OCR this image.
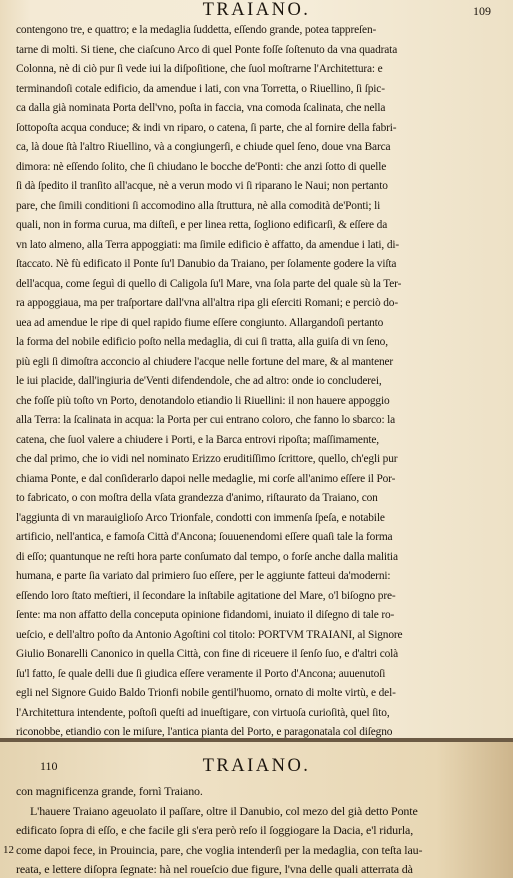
TRAIANO.	109
contengono tre, e quattro; e la medaglia ſuddetta, eſſendo grande, potea tappreſen-
tarne di molti. Si tiene, che ciaſcuno Arco di quel Ponte foſſe ſoſtenuto da vna quadrata
Colonna, nè di ciò pur ſi vede iui la diſpoſitione, che ſuol moſtrarne l'Architettura: e
terminandoſi cotale edificio, da amendue i lati, con vna Torretta, o Riuellino, ſi ſpic-
ca dalla già nominata Porta dell'vno, poſta in faccia, vna comoda ſcalinata, che nella
ſottopoſta acqua conduce; & indi vn riparo, o catena, ſi parte, che al fornire della fabri-
ca, là doue ſtà l'altro Riuellino, và a congiungerſi, e chiude quel ſeno, doue vna Barca
dimora: nè eſſendo ſolito, che ſi chiudano le bocche de'Ponti: che anzi ſotto di quelle
ſi dà ſpedito il tranſito all'acque, nè a verun modo vi ſi riparano le Naui; non pertanto
pare, che ſimili conditioni ſi accomodino alla ſtruttura, nè alla comodità de'Ponti; li
quali, non in forma curua, ma diſteſi, e per linea retta, ſogliono edificarſi, & eſſere da
vn lato almeno, alla Terra appoggiati: ma ſimile edificio è affatto, da amendue i lati, di-
ſtaccato. Nè fù edificato il Ponte ſu'l Danubio da Traiano, per ſolamente godere la viſta
dell'acqua, come ſeguì di quello di Caligola ſu'l Mare, vna ſola parte del quale sù la Ter-
ra appoggiaua, ma per traſportare dall'vna all'altra ripa gli eſerciti Romani; e perciò do-
uea ad amendue le ripe di quel rapido fiume eſſere congiunto. Allargandoſi pertanto
la forma del nobile edificio poſto nella medaglia, di cui ſi tratta, alla guiſa di vn ſeno,
più egli ſi dimoſtra acconcio al chiudere l'acque nelle fortune del mare, & al mantener
le iui placide, dall'ingiuria de'Venti difendendole, che ad altro: onde io concluderei,
che foſſe più toſto vn Porto, denotandolo etiandio li Riuellini: il non hauere appoggio
alla Terra: la ſcalinata in acqua: la Porta per cui entrano coloro, che fanno lo sbarco: la
catena, che ſuol valere a chiudere i Porti, e la Barca entrovi ripoſta; maſſimamente,
che dal primo, che io vidi nel nominato Erizzo eruditiſſimo ſcrittore, quello, ch'egli pur
chiama Ponte, e dal conſiderarlo dapoi nelle medaglie, mi corſe all'animo eſſere il Por-
to fabricato, o con moſtra della vſata grandezza d'animo, riſtaurato da Traiano, con
l'aggiunta di vn marauiglioſo Arco Trionfale, condotti con immenſa ſpeſa, e notabile
artificio, nell'antica, e famoſa Città d'Ancona; ſouuenendomi eſſere quaſi tale la forma
di eſſo; quantunque ne reſti hora parte conſumato dal tempo, o forſe anche dalla malitia
humana, e parte ſia variato dal primiero ſuo eſſere, per le aggiunte fatteui da'moderni:
eſſendo loro ſtato meſtieri, il ſecondare la inſtabile agitatione del Mare, o'l biſogno pre-
ſente: ma non affatto della conceputa opinione fidandomi, inuiato il diſegno di tale ro-
ueſcio, e dell'altro poſto da Antonio Agoſtini col titolo: PORTVM TRAIANI, al Signore
Giulio Bonarelli Canonico in quella Città, con fine di riceuere il ſenſo ſuo, e d'altri colà
ſu'l fatto, ſe quale delli due ſi giudica eſſere veramente il Porto d'Ancona; auuenutoſi
egli nel Signore Guido Baldo Trionfi nobile gentil'huomo, ornato di molte virtù, e del-
l'Architettura intendente, poſtoſi queſti ad inueſtigare, con virtuoſa curioſità, quel ſito,
riconobbe, etiandio con le miſure, l'antica pianta del Porto, e paragonatala col diſegno
110	TRAIANO.
12
con magnificenza grande, fornì Traiano.
L'hauere Traiano ageuolato il paſſare, oltre il Danubio, col mezo del già detto Ponte
edificato ſopra di eſſo, e che facile gli s'era però reſo il ſoggiogare la Dacia, e'l ridurla,
come dapoi fece, in Prouincia, pare, che voglia intenderſi per la medaglia, con teſta lau-
reata, e lettere diſopra ſegnate: hà nel roueſcio due figure, l'vna delle quali atterrata dà
